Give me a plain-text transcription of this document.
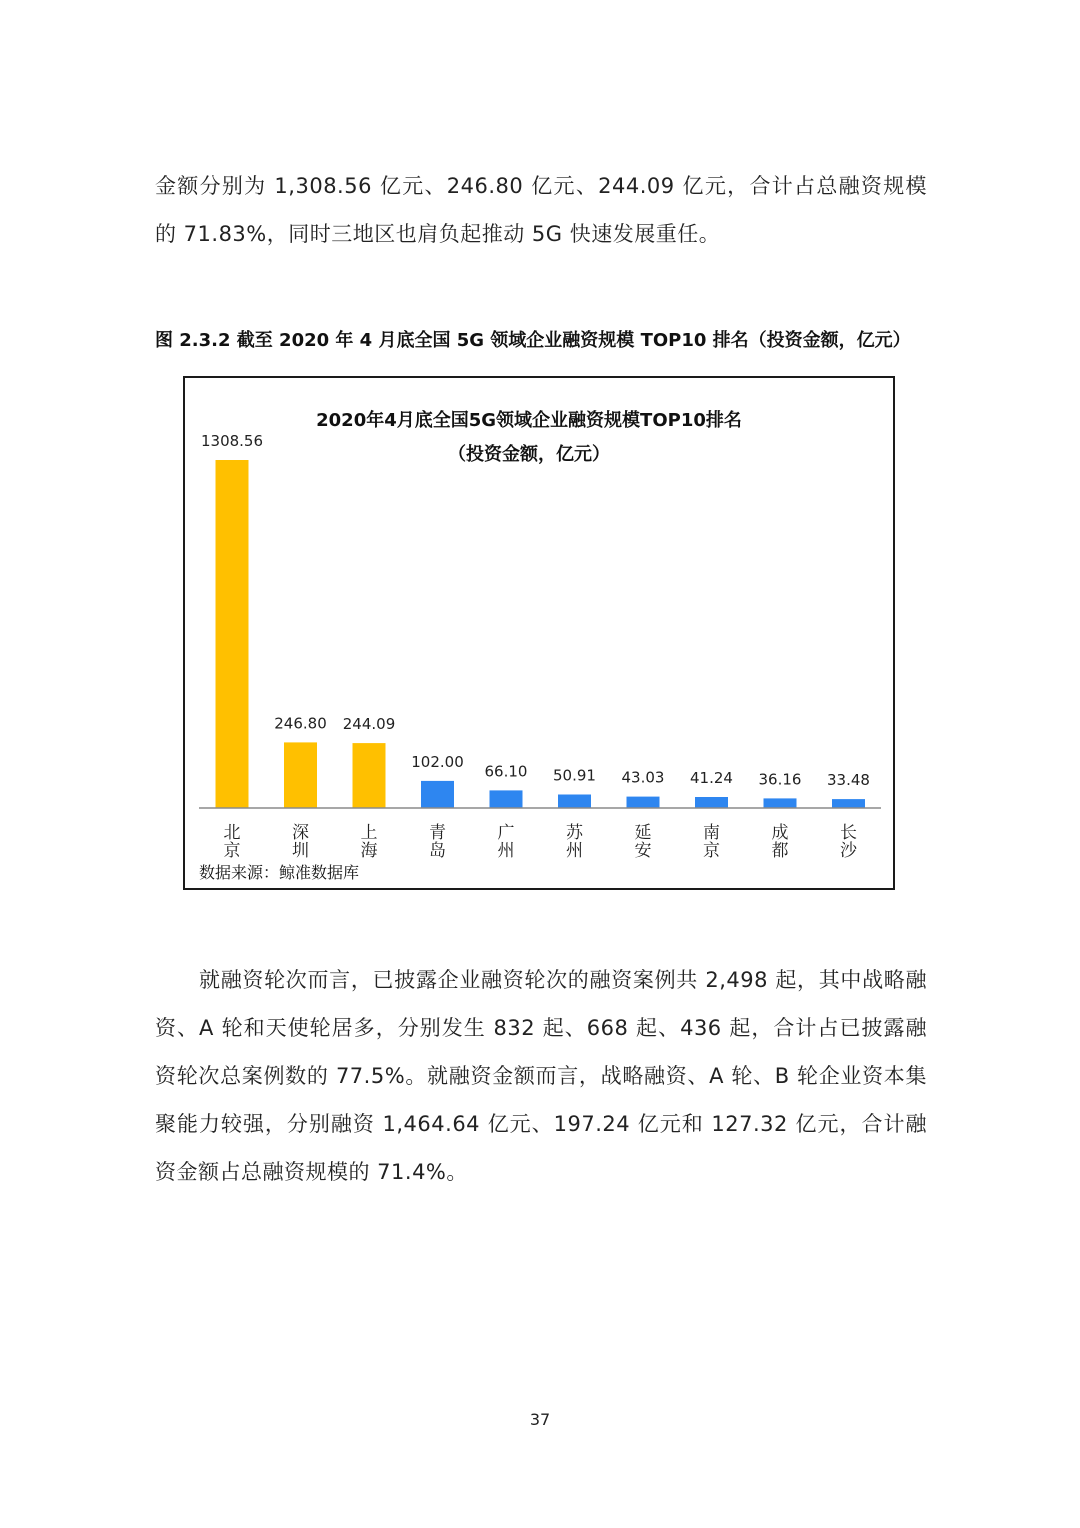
金额分别为 1,308.56 亿元、246.80 亿元、244.09 亿元，合计占总融资规模的 71.83%，同时三地区也肩负起推动 5G 快速发展重任。

图 2.3.2 截至 2020 年 4 月底全国 5G 领域企业融资规模 TOP10 排名（投资金额，亿元）

2020年4月底全国5G领域企业融资规模TOP10排名
（投资金额，亿元）
1308.56
246.80 244.09
102.00
66.10 50.91 43.03 41.24 36.16 33.48
北京
深圳
上海
青岛
广州
苏州
延安
南京
成都
长沙
数据来源：鲸准数据库

就融资轮次而言，已披露企业融资轮次的融资案例共 2,498 起，其中战略融资、A 轮和天使轮居多，分别发生 832 起、668 起、436 起，合计占已披露融资轮次总案例数的 77.5%。就融资金额而言，战略融资、A 轮、B 轮企业资本集聚能力较强，分别融资 1,464.64 亿元、197.24 亿元和 127.32 亿元，合计融资金额占总融资规模的 71.4%。

37
